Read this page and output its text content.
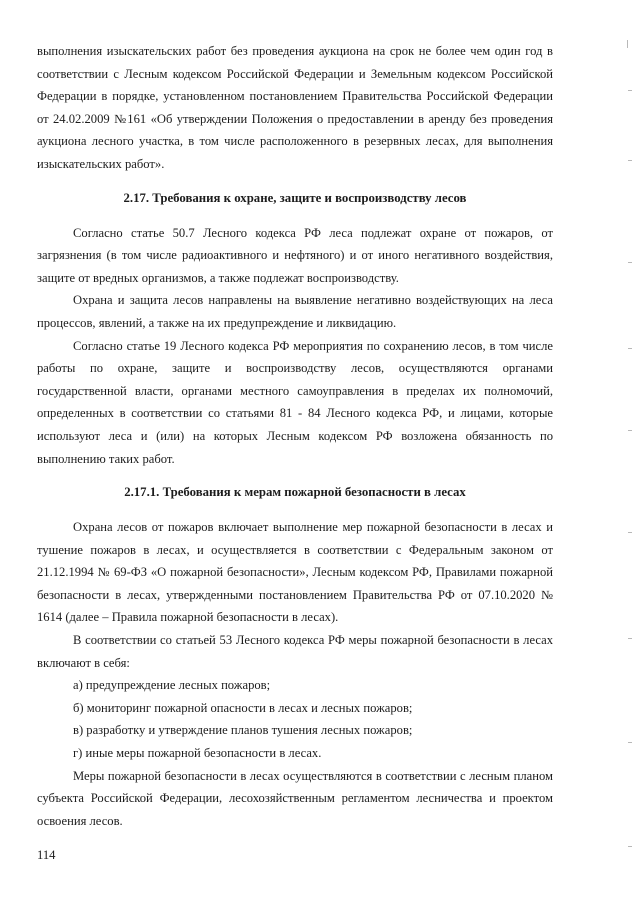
выполнения изыскательских работ без проведения аукциона на срок не более чем один год в соответствии с Лесным кодексом Российской Федерации и Земельным кодексом Российской Федерации в порядке, установленном постановлением Правительства Российской Федерации от 24.02.2009 №161 «Об утверждении Положения о предоставлении в аренду без проведения аукциона лесного участка, в том числе расположенного в резервных лесах, для выполнения изыскательских работ».

2.17. Требования к охране, защите и воспроизводству лесов

Согласно статье 50.7 Лесного кодекса РФ леса подлежат охране от пожаров, от загрязнения (в том числе радиоактивного и нефтяного) и от иного негативного воздействия, защите от вредных организмов, а также подлежат воспроизводству.

Охрана и защита лесов направлены на выявление негативно воздействующих на леса процессов, явлений, а также на их предупреждение и ликвидацию.

Согласно статье 19 Лесного кодекса РФ мероприятия по сохранению лесов, в том числе работы по охране, защите и воспроизводству лесов, осуществляются органами государственной власти, органами местного самоуправления в пределах их полномочий, определенных в соответствии со статьями 81 - 84 Лесного кодекса РФ, и лицами, которые используют леса и (или) на которых Лесным кодексом РФ возложена обязанность по выполнению таких работ.

2.17.1. Требования к мерам пожарной безопасности в лесах

Охрана лесов от пожаров включает выполнение мер пожарной безопасности в лесах и тушение пожаров в лесах, и осуществляется в соответствии с Федеральным законом от 21.12.1994 № 69-ФЗ «О пожарной безопасности», Лесным кодексом РФ, Правилами пожарной безопасности в лесах, утвержденными постановлением Правительства РФ от 07.10.2020 № 1614 (далее – Правила пожарной безопасности в лесах).

В соответствии со статьей 53 Лесного кодекса РФ меры пожарной безопасности в лесах включают в себя:

а) предупреждение лесных пожаров;

б) мониторинг пожарной опасности в лесах и лесных пожаров;

в) разработку и утверждение планов тушения лесных пожаров;

г) иные меры пожарной безопасности в лесах.

Меры пожарной безопасности в лесах осуществляются в соответствии с лесным планом субъекта Российской Федерации, лесохозяйственным регламентом лесничества и проектом освоения лесов.

114
